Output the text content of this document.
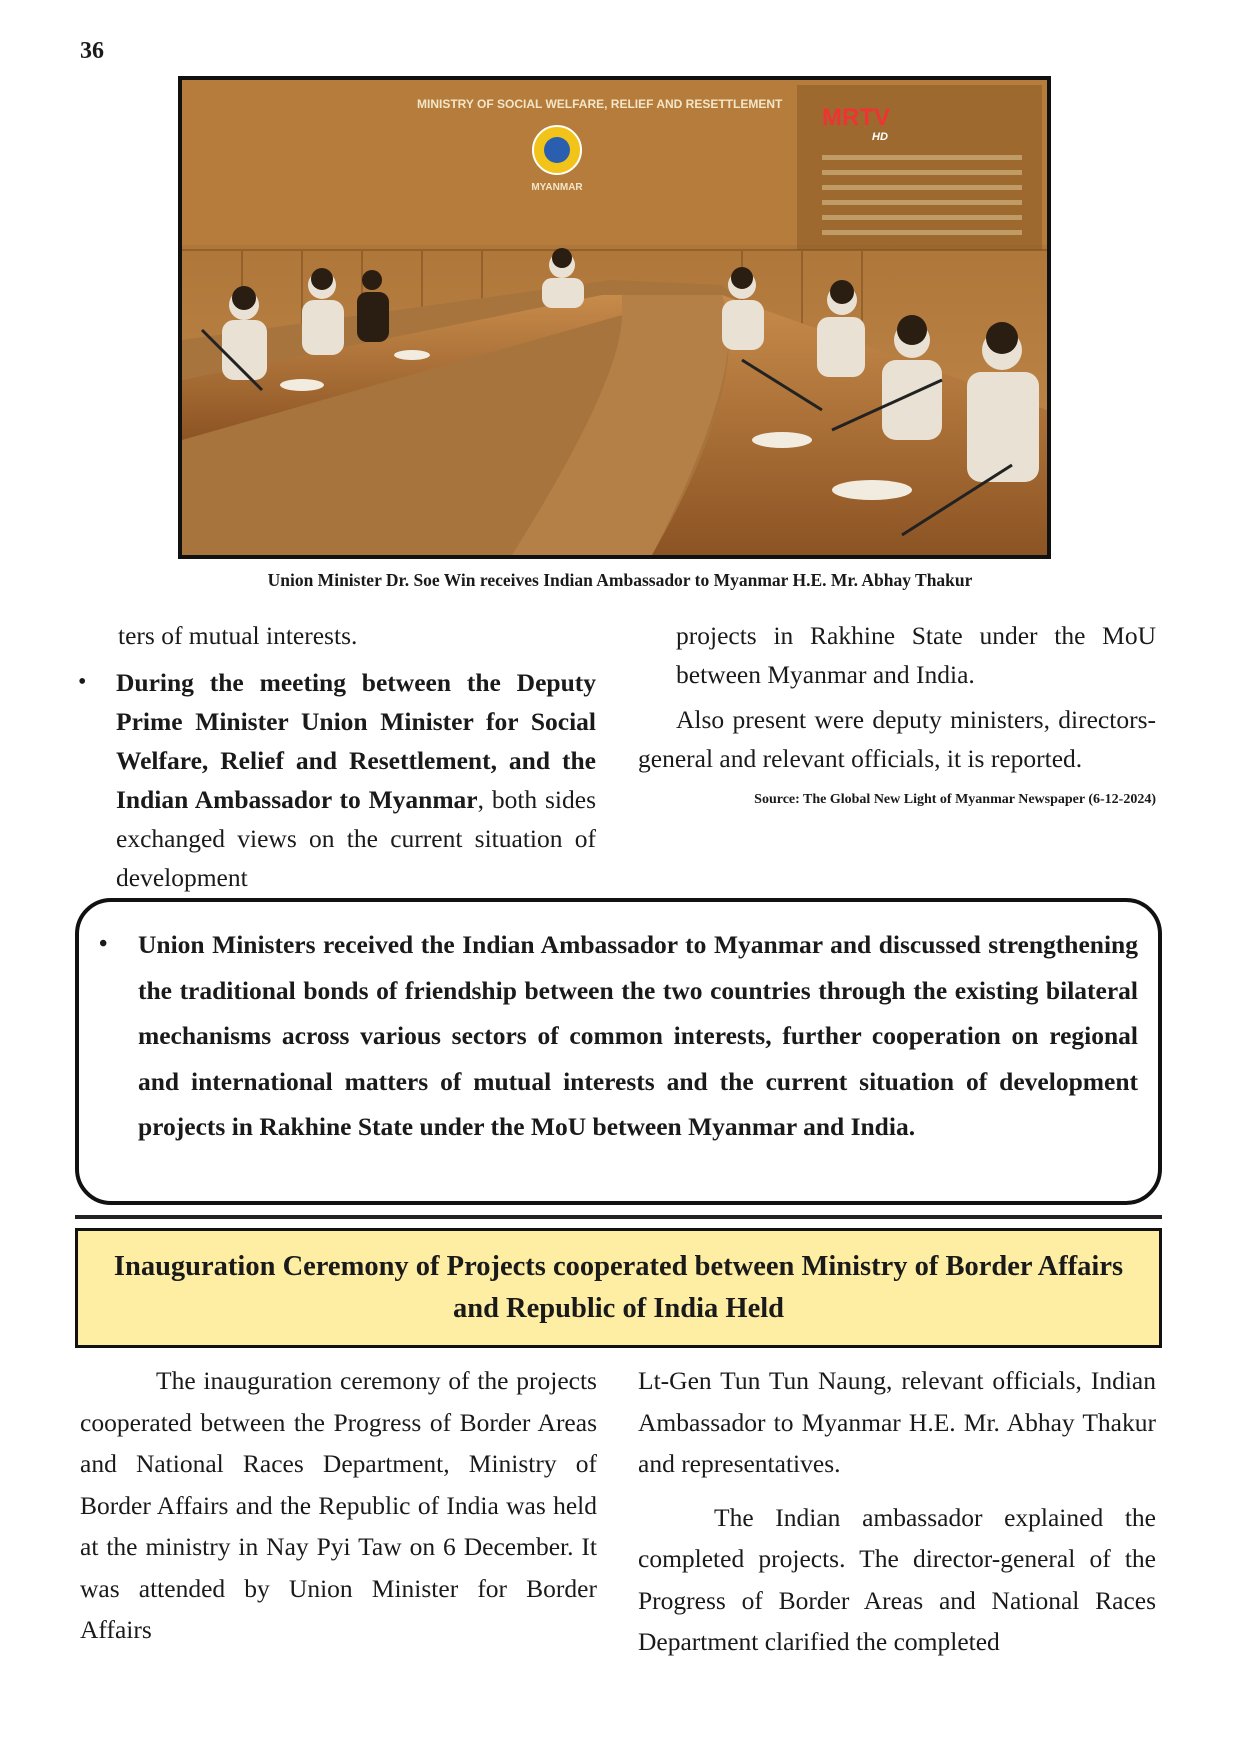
36
MINISTRY OF SOCIAL WELFARE, RELIEF AND RESETTLEMENT
MYANMAR
MRTV
HD
Union Minister Dr. Soe Win receives Indian Ambassador to Myanmar H.E. Mr. Abhay Thakur

ters of mutual interests.

•	During the meeting between the Deputy Prime Minister Union Minister for Social Welfare, Relief and Resettlement, and the Indian Ambassador to Myanmar, both sides exchanged views on the current situation of development

projects in Rakhine State under the MoU between Myanmar and India.

Also present were deputy ministers, directors-general and relevant officials, it is reported.

Source: The Global New Light of Myanmar Newspaper (6-12-2024)

•	Union Ministers received the Indian Ambassador to Myanmar and discussed strengthening the traditional bonds of friendship between the two countries through the existing bilateral mechanisms across various sectors of common interests, further cooperation on regional and international matters of mutual interests and the current situation of development projects in Rakhine State under the MoU between Myanmar and India.

Inauguration Ceremony of Projects cooperated between Ministry of Border Affairs and Republic of India Held

The inauguration ceremony of the projects cooperated between the Progress of Border Areas and National Races Department, Ministry of Border Affairs and the Republic of India was held at the ministry in Nay Pyi Taw on 6 December. It was attended by Union Minister for Border Affairs

Lt-Gen Tun Tun Naung, relevant officials, Indian Ambassador to Myanmar H.E. Mr. Abhay Thakur and representatives.

The Indian ambassador explained the completed projects. The director-general of the Progress of Border Areas and National Races Department clarified the completed
